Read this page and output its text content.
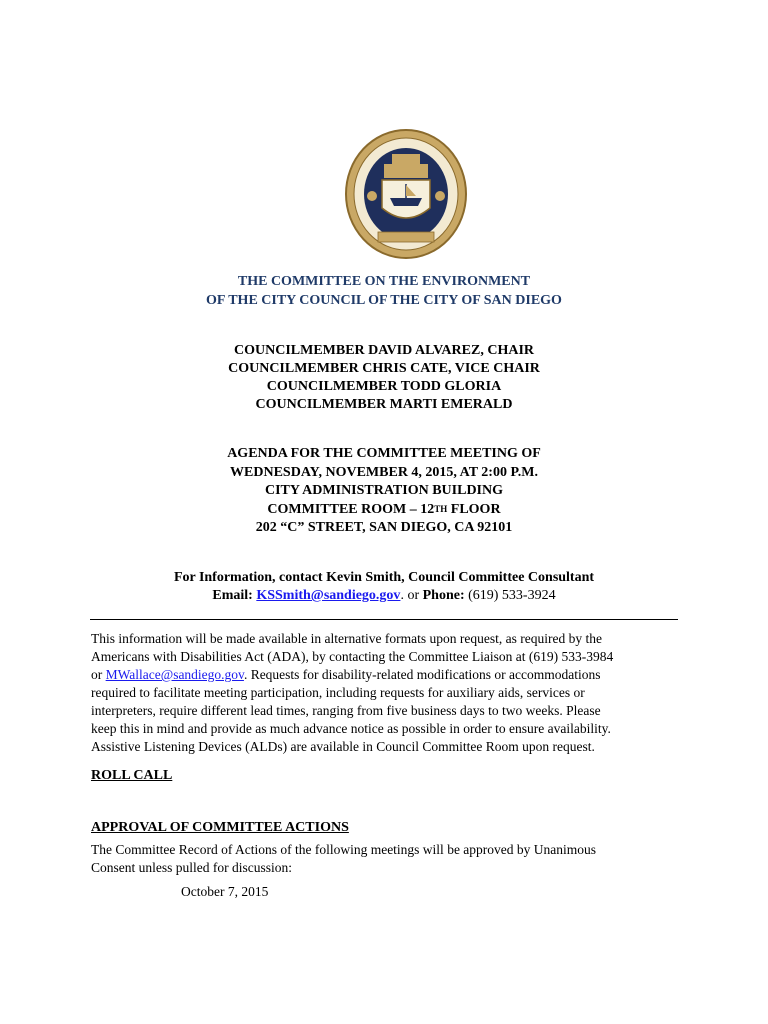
THE COMMITTEE ON THE ENVIRONMENT
OF THE CITY COUNCIL OF THE CITY OF SAN DIEGO
COUNCILMEMBER DAVID ALVAREZ, CHAIR
COUNCILMEMBER CHRIS CATE, VICE CHAIR
COUNCILMEMBER TODD GLORIA
COUNCILMEMBER MARTI EMERALD
AGENDA FOR THE COMMITTEE MEETING OF
WEDNESDAY, NOVEMBER 4, 2015, AT 2:00 P.M.
CITY ADMINISTRATION BUILDING
COMMITTEE ROOM – 12TH FLOOR
202 “C” STREET, SAN DIEGO, CA 92101
For Information, contact Kevin Smith, Council Committee Consultant
Email: KSSmith@sandiego.gov. or Phone: (619) 533-3924
This information will be made available in alternative formats upon request, as required by the
Americans with Disabilities Act (ADA), by contacting the Committee Liaison at (619) 533-3984
or MWallace@sandiego.gov. Requests for disability-related modifications or accommodations
required to facilitate meeting participation, including requests for auxiliary aids, services or
interpreters, require different lead times, ranging from five business days to two weeks. Please
keep this in mind and provide as much advance notice as possible in order to ensure availability.
Assistive Listening Devices (ALDs) are available in Council Committee Room upon request.
ROLL CALL
APPROVAL OF COMMITTEE ACTIONS
The Committee Record of Actions of the following meetings will be approved by Unanimous
Consent unless pulled for discussion:
October 7, 2015
